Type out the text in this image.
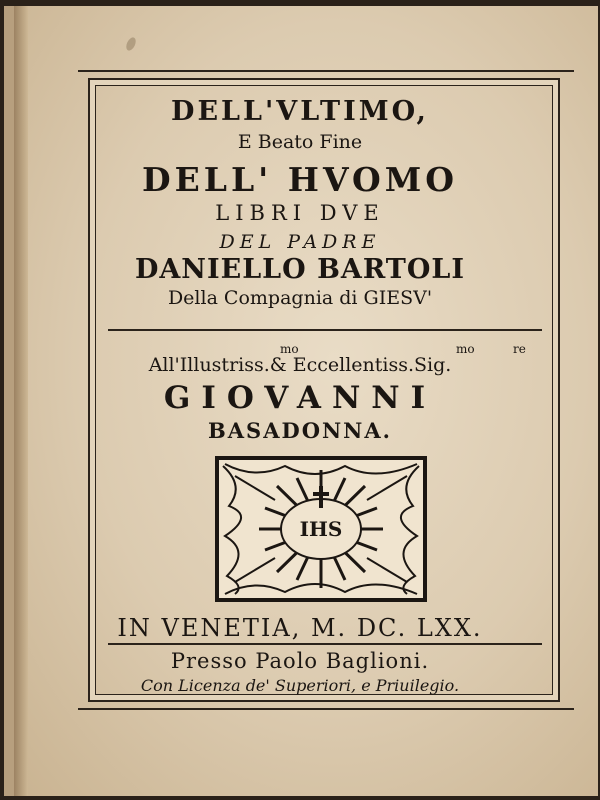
DELL'VLTIMO,
E Beato Fine
DELL' HVOMO
LIBRI DVE
DEL PADRE
DANIELLO BARTOLI
Della Compagnia di GIESV'
mo	mo	re
All'Illustriss.& Eccellentiss.Sig.
GIOVANNI
BASADONNA.
IHS
IN VENETIA, M. DC. LXX.
Presso Paolo Baglioni.
Con Licenza de' Superiori, e Priuilegio.
